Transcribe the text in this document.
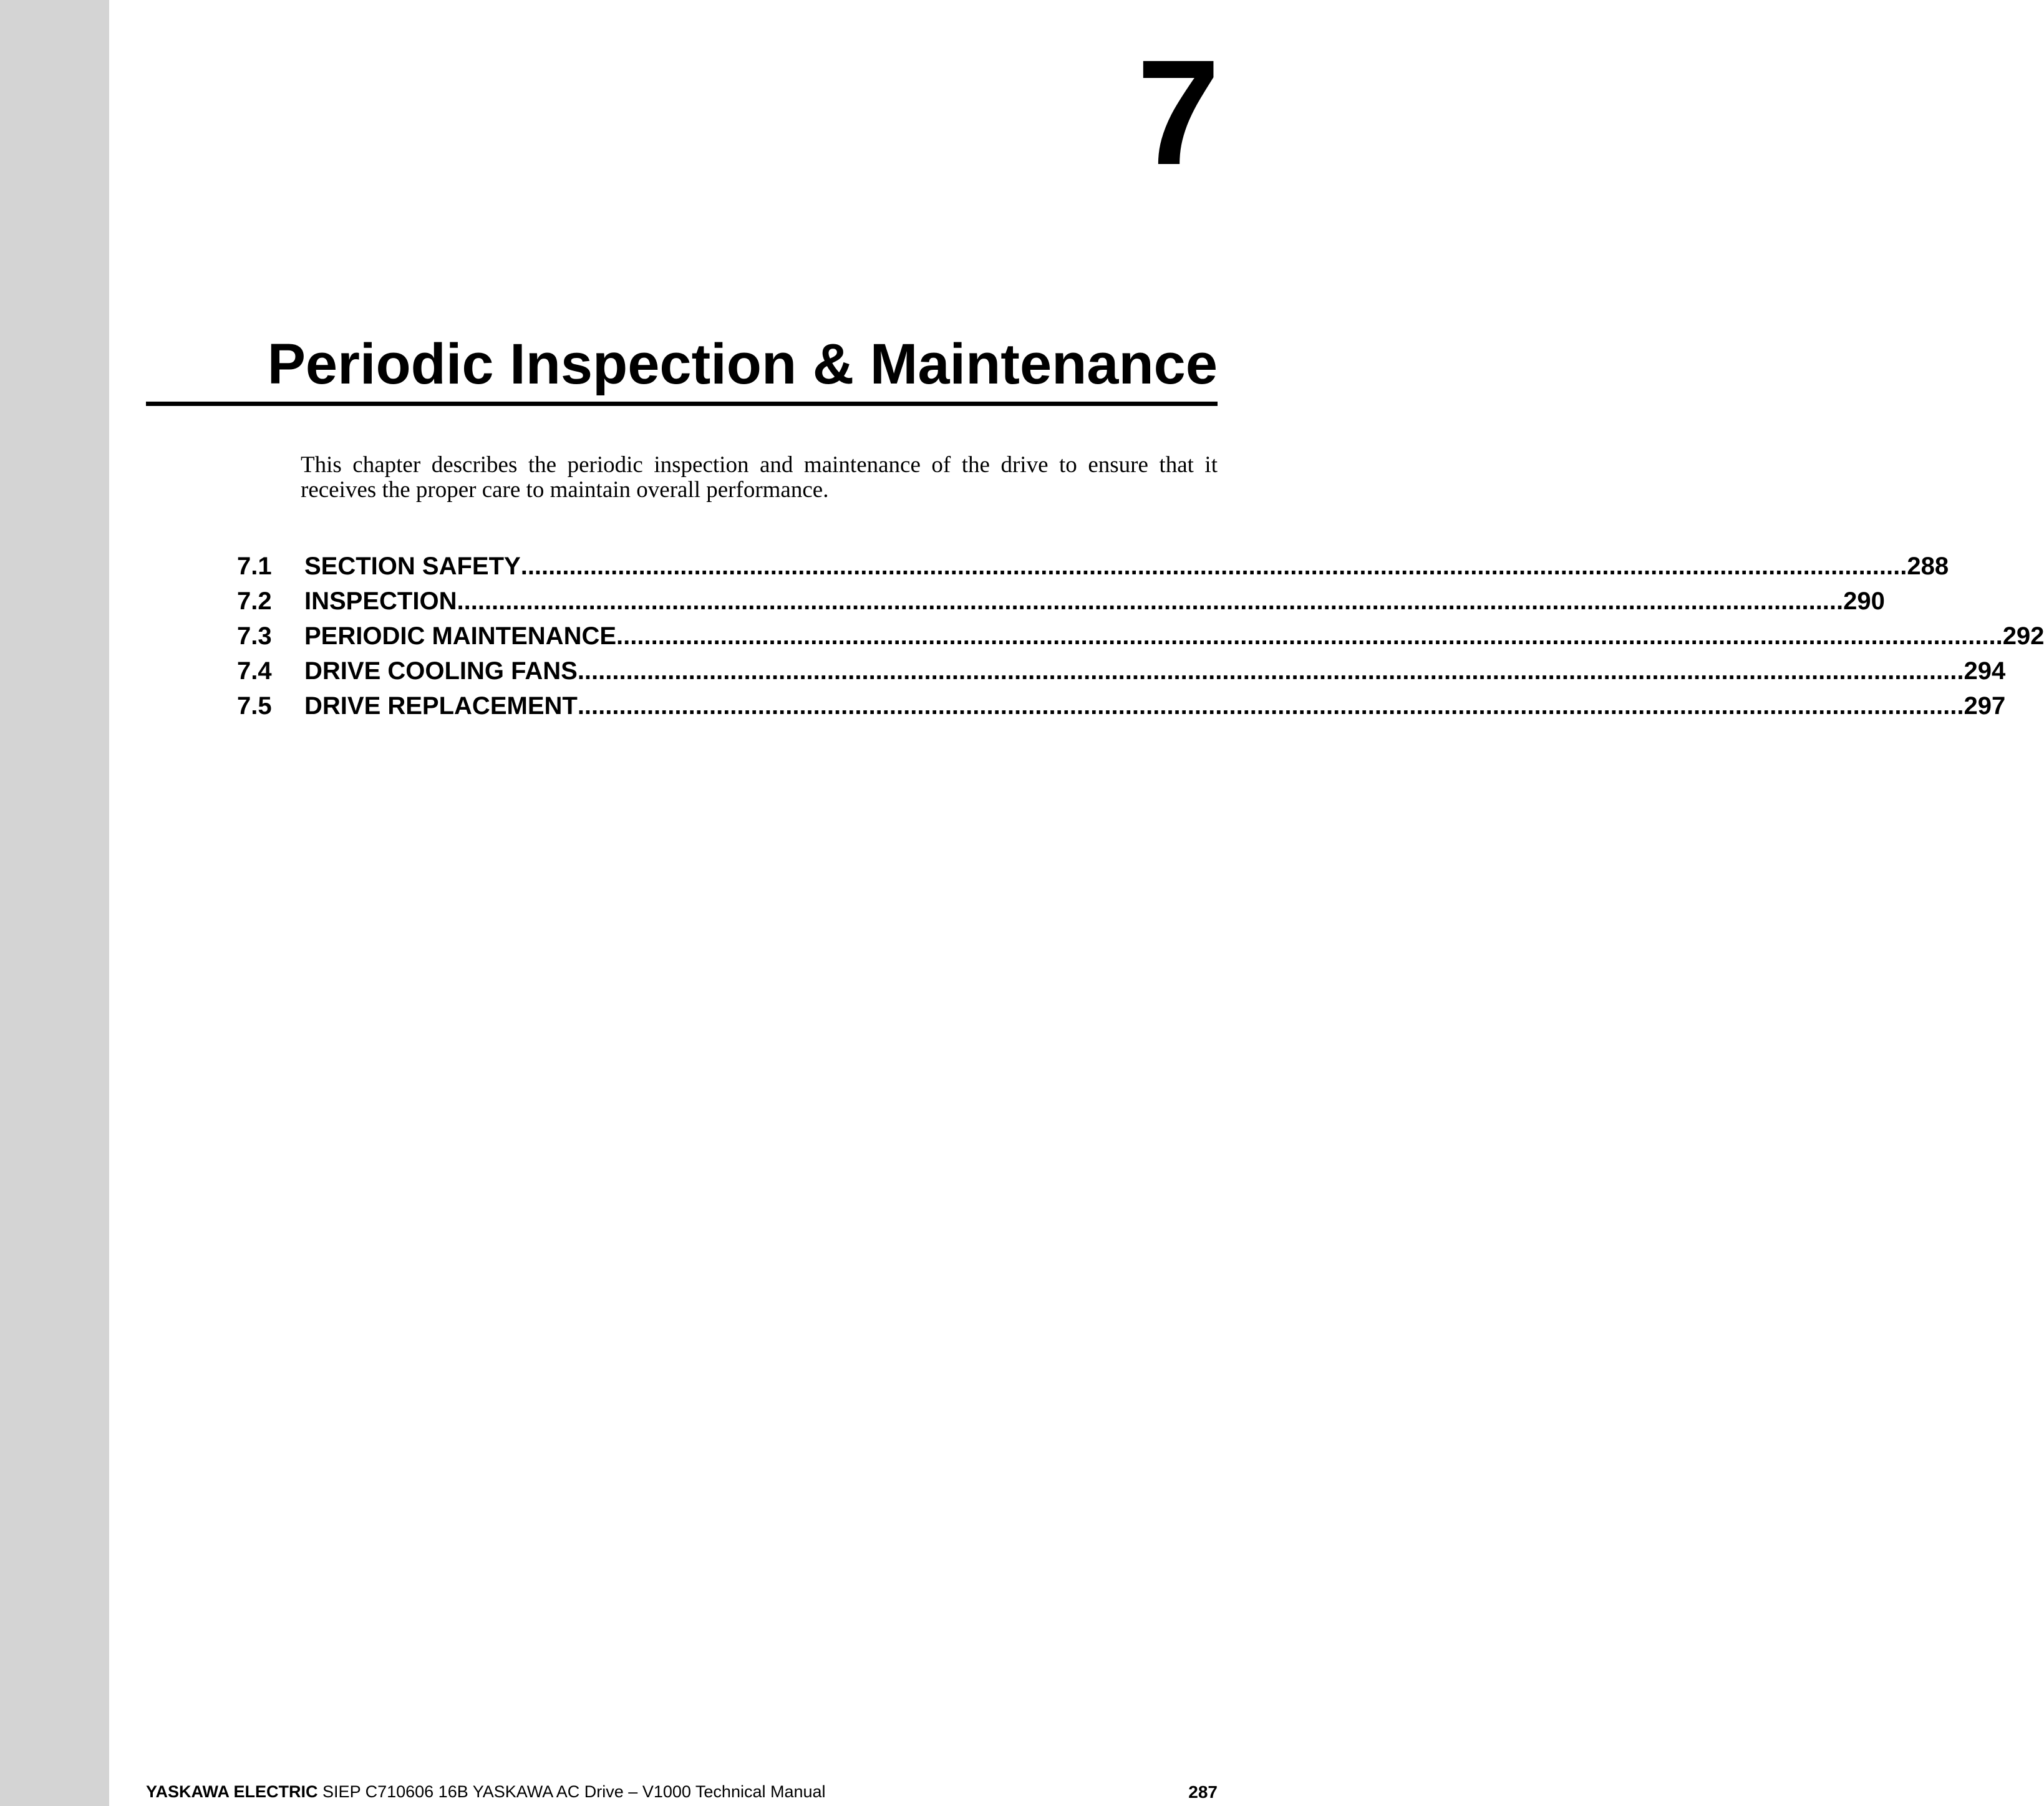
7
Periodic Inspection & Maintenance
This chapter describes the periodic inspection and maintenance of the drive to ensure that it receives the proper care to maintain overall performance.
7.1	SECTION SAFETY ........................................................................................................................................................................................................ 288
7.2	INSPECTION ........................................................................................................................................................................................................ 290
7.3	PERIODIC MAINTENANCE ........................................................................................................................................................................................................ 292
7.4	DRIVE COOLING FANS ........................................................................................................................................................................................................ 294
7.5	DRIVE REPLACEMENT ........................................................................................................................................................................................................ 297
YASKAWA ELECTRIC SIEP C710606 16B YASKAWA AC Drive – V1000 Technical Manual	287
